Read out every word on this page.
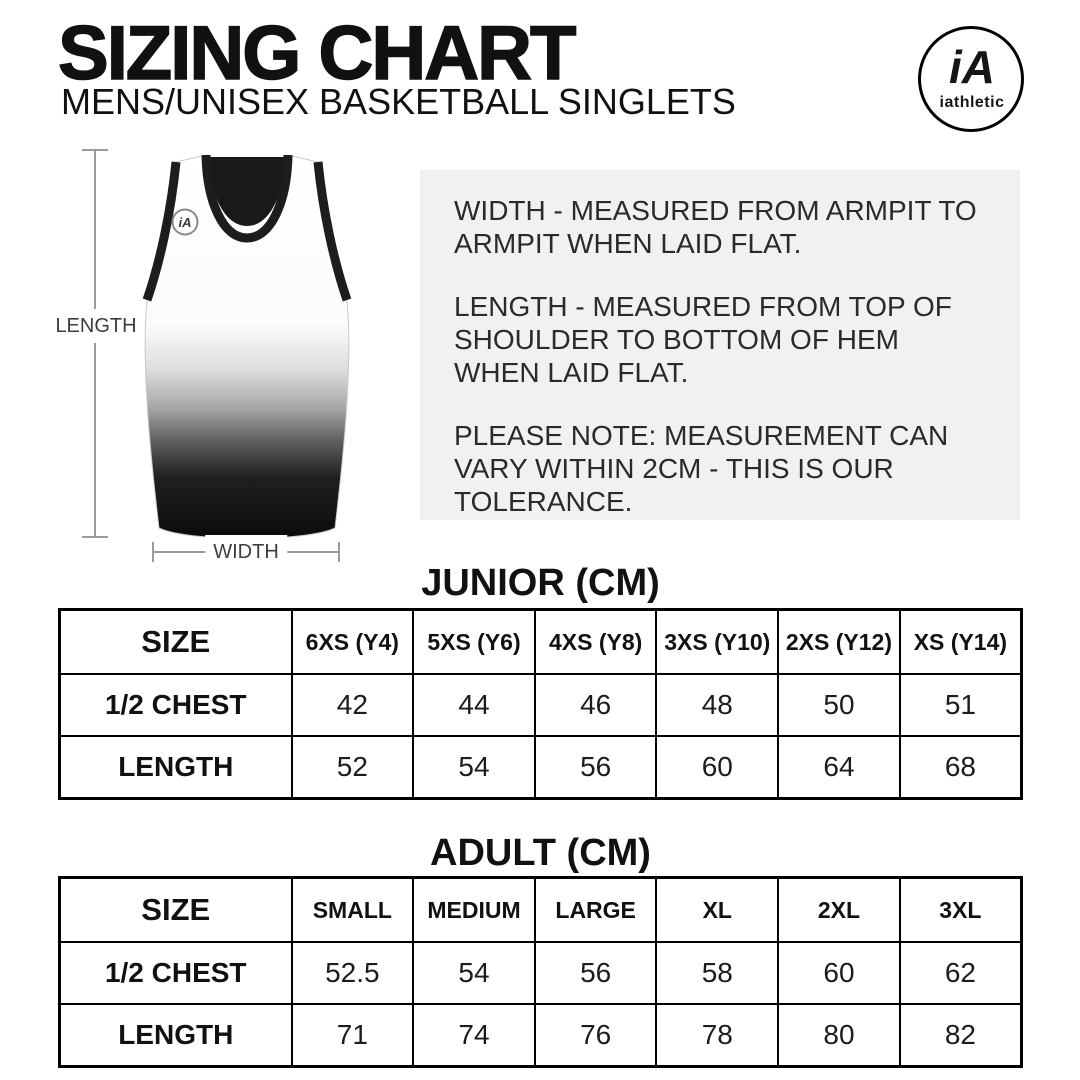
SIZING CHART
MENS/UNISEX BASKETBALL SINGLETS
iA
iathletic
iA
LENGTH
WIDTH

WIDTH - MEASURED FROM ARMPIT TO ARMPIT WHEN LAID FLAT.

LENGTH - MEASURED FROM TOP OF SHOULDER TO BOTTOM OF HEM WHEN LAID FLAT.

PLEASE NOTE: MEASUREMENT CAN VARY WITHIN 2CM - THIS IS OUR TOLERANCE.

JUNIOR (CM)
SIZE	6XS (Y4)	5XS (Y6)	4XS (Y8)	3XS (Y10)	2XS (Y12)	XS (Y14)
1/2 CHEST	42	44	46	48	50	51
LENGTH	52	54	56	60	64	68
ADULT (CM)
SIZE	SMALL	MEDIUM	LARGE	XL	2XL	3XL
1/2 CHEST	52.5	54	56	58	60	62
LENGTH	71	74	76	78	80	82
